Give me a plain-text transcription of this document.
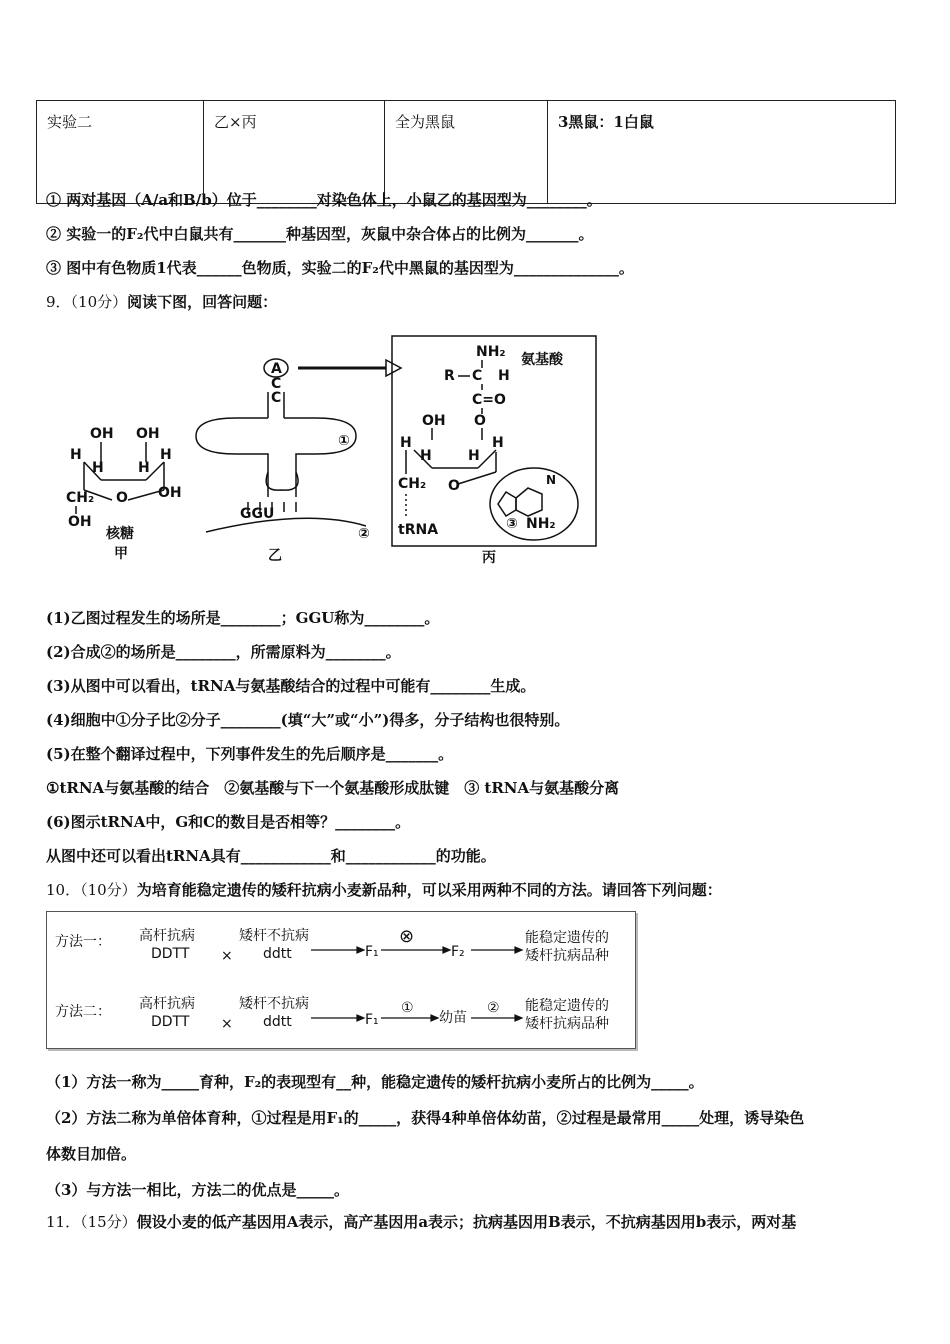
实验二	乙×丙	全为黑鼠	3黑鼠：1白鼠
① 两对基因（A/a和B/b）位于________对染色体上，小鼠乙的基因型为________。
② 实验一的F₂代中白鼠共有_______种基因型，灰鼠中杂合体占的比例为_______。
③ 图中有色物质1代表______色物质，实验二的F₂代中黑鼠的基因型为______________。
9．（10分）阅读下图，回答问题：
OH OH
H
H H
H
CH₂ O OH
OH
核糖
甲
A
C
C
①
GGU
②
乙
NH₂ 氨基酸
R C H
C=O
O
OH
H
H	H
H
CH₂ O
tRNA	③ NH₂
N
丙
(1)乙图过程发生的场所是________；GGU称为________。
(2)合成②的场所是________，所需原料为________。
(3)从图中可以看出，tRNA与氨基酸结合的过程中可能有________生成。
(4)细胞中①分子比②分子________(填“大”或“小”)得多，分子结构也很特别。
(5)在整个翻译过程中，下列事件发生的先后顺序是_______。
①tRNA与氨基酸的结合　②氨基酸与下一个氨基酸形成肽键　③ tRNA与氨基酸分离
(6)图示tRNA中，G和C的数目是否相等？________。
从图中还可以看出tRNA具有____________和____________的功能。
10．（10分）为培育能稳定遗传的矮秆抗病小麦新品种，可以采用两种不同的方法。请回答下列问题：
方法一： 高杆抗病
DDTT ×
矮杆不抗病
ddtt	F₁
⊗
F₂
能稳定遗传的
矮杆抗病品种
方法二： 高杆抗病
DDTT ×
矮杆不抗病
ddtt	F₁
①
幼苗
② 能稳定遗传的
矮杆抗病品种
（1）方法一称为_____育种，F₂的表现型有__种，能稳定遗传的矮杆抗病小麦所占的比例为_____。
（2）方法二称为单倍体育种，①过程是用F₁的_____，获得4种单倍体幼苗，②过程是最常用_____处理，诱导染色
体数目加倍。
（3）与方法一相比，方法二的优点是_____。
11．（15分）假设小麦的低产基因用A表示，高产基因用a表示；抗病基因用B表示，不抗病基因用b表示，两对基
